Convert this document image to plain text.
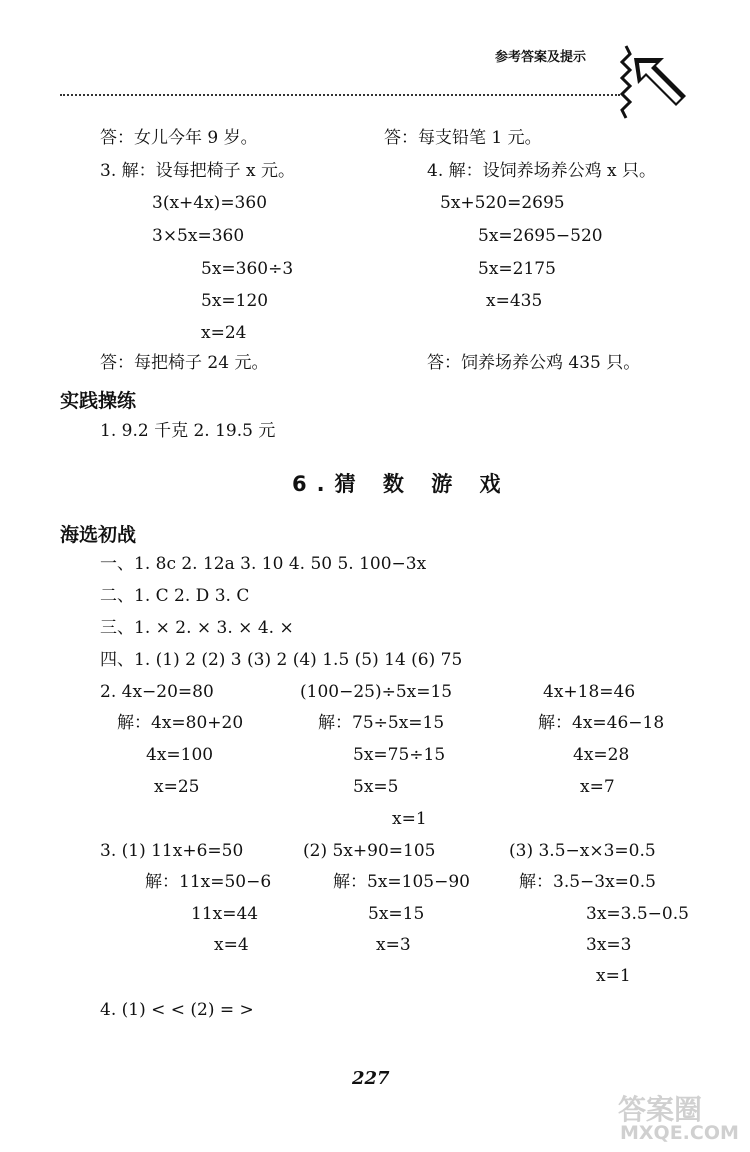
参考答案及提示
答：女儿今年 9 岁。
3. 解：设每把椅子 x 元。
3(x+4x)=360
3×5x=360
5x=360÷3
5x=120
x=24
答：每把椅子 24 元。
答：每支铅笔 1 元。
4. 解：设饲养场养公鸡 x 只。
5x+520=2695
5x=2695−520
5x=2175
x=435
答：饲养场养公鸡 435 只。
实践操练
1. 9.2 千克 2. 19.5 元
6.猜 数 游 戏
海选初战
一、1. 8c 2. 12a 3. 10 4. 50 5. 100−3x
二、1. C 2. D 3. C
三、1. × 2. × 3. × 4. ×
四、1. (1) 2 (2) 3 (3) 2 (4) 1.5 (5) 14 (6) 75
2. 4x−20=80
解：4x=80+20
4x=100
x=25
(100−25)÷5x=15
解：75÷5x=15
5x=75÷15
5x=5
x=1
4x+18=46
解：4x=46−18
4x=28
x=7
3. (1) 11x+6=50
解：11x=50−6
11x=44
x=4
(2) 5x+90=105
解：5x=105−90
5x=15
x=3
(3) 3.5−x×3=0.5
解：3.5−3x=0.5
3x=3.5−0.5
3x=3
x=1
4. (1) < < (2) = >
227
答案圈
MXQE.COM
